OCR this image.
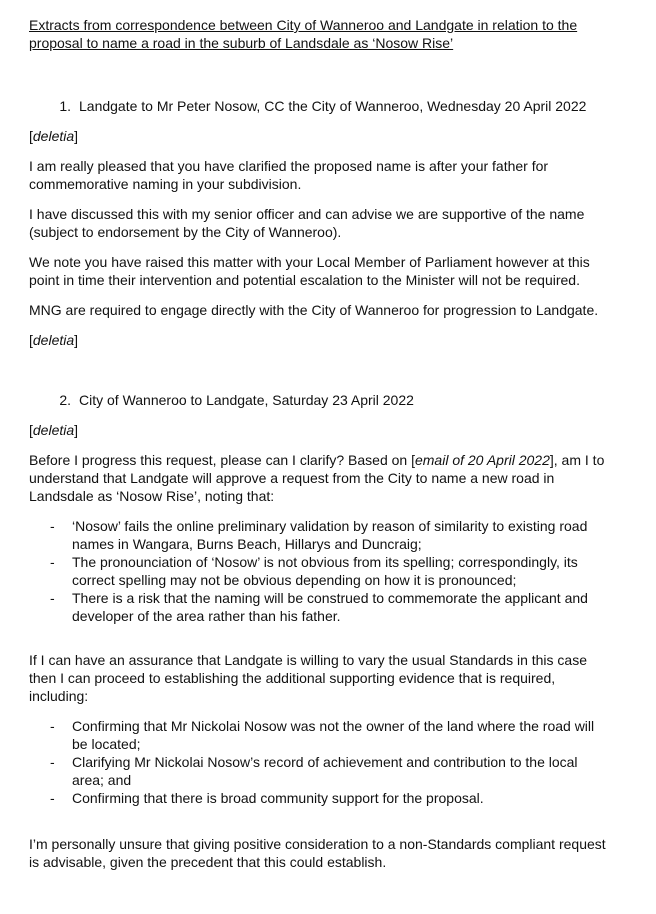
Extracts from correspondence between City of Wanneroo and Landgate in relation to the proposal to name a road in the suburb of Landsdale as ‘Nosow Rise’

1. Landgate to Mr Peter Nosow, CC the City of Wanneroo, Wednesday 20 April 2022

[deletia]

I am really pleased that you have clarified the proposed name is after your father for commemorative naming in your subdivision.

I have discussed this with my senior officer and can advise we are supportive of the name (subject to endorsement by the City of Wanneroo).

We note you have raised this matter with your Local Member of Parliament however at this point in time their intervention and potential escalation to the Minister will not be required.

MNG are required to engage directly with the City of Wanneroo for progression to Landgate.

[deletia]

2. City of Wanneroo to Landgate, Saturday 23 April 2022

[deletia]

Before I progress this request, please can I clarify? Based on [email of 20 April 2022], am I to understand that Landgate will approve a request from the City to name a new road in Landsdale as ‘Nosow Rise’, noting that:

- ‘Nosow’ fails the online preliminary validation by reason of similarity to existing road names in Wangara, Burns Beach, Hillarys and Duncraig;
- The pronounciation of ‘Nosow’ is not obvious from its spelling; correspondingly, its correct spelling may not be obvious depending on how it is pronounced;
- There is a risk that the naming will be construed to commemorate the applicant and developer of the area rather than his father.

If I can have an assurance that Landgate is willing to vary the usual Standards in this case then I can proceed to establishing the additional supporting evidence that is required, including:

- Confirming that Mr Nickolai Nosow was not the owner of the land where the road will be located;
- Clarifying Mr Nickolai Nosow’s record of achievement and contribution to the local area; and
- Confirming that there is broad community support for the proposal.

I’m personally unsure that giving positive consideration to a non-Standards compliant request is advisable, given the precedent that this could establish.
